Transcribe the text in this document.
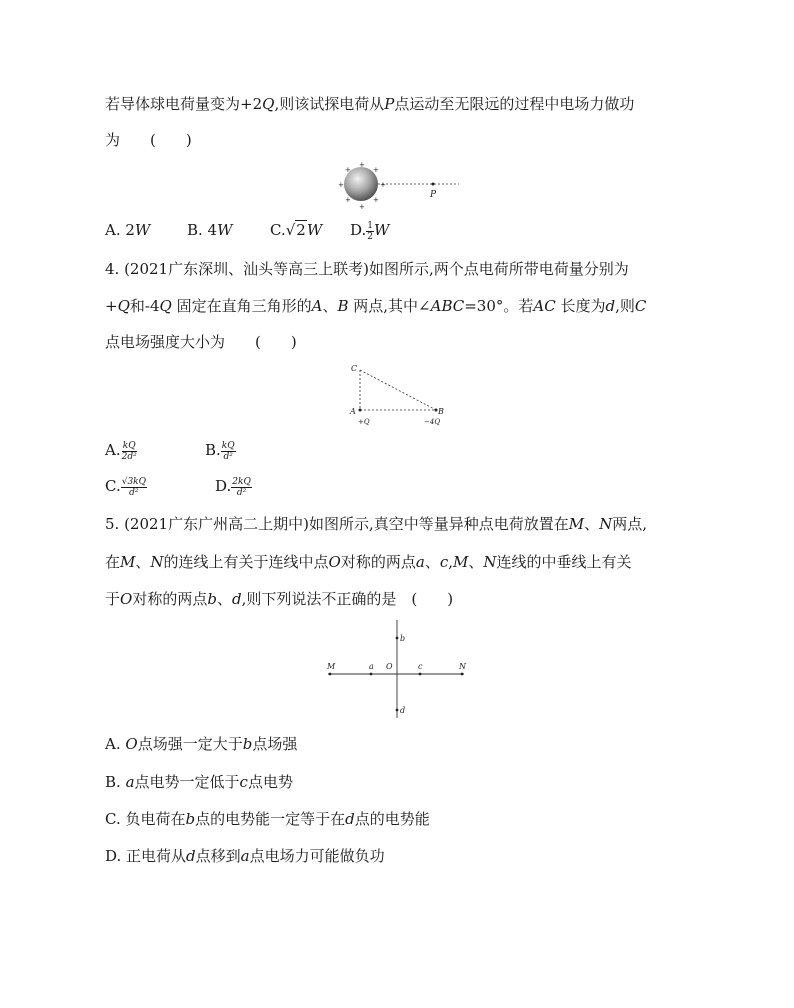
若导体球电荷量变为+2Q,则该试探电荷从P点运动至无限远的过程中电场力做功
为　　(　　)
+
+	+
+	+
+	+
+
P
A. 2W B. 4W C.√2W D. $\frac{1}{2}$ W
4. (2021广东深圳、汕头等高三上联考)如图所示,两个点电荷所带电荷量分别为
+Q和-4Q 固定在直角三角形的A、B 两点,其中∠ABC=30°。若AC 长度为d,则C
点电场强度大小为　　(　　)
C
A	B
+Q	−4Q
A. $\frac{kQ}{\text{2d²}}$	B. $\frac{kQ}{\text{d²}}$
C. $\frac{√3kQ}{\text{d²}}$	D. $\frac{2kQ}{\text{d²}}$
5. (2021广东广州高二上期中)如图所示,真空中等量异种点电荷放置在M、N两点,
在M、N的连线上有关于连线中点O对称的两点a、c,M、N连线的中垂线上有关
于O对称的两点b、d,则下列说法不正确的是　(　　)
M	a O	c	N
b
d
A. O点场强一定大于b点场强
B. a点电势一定低于c点电势
C. 负电荷在b点的电势能一定等于在d点的电势能
D. 正电荷从d点移到a点电场力可能做负功
